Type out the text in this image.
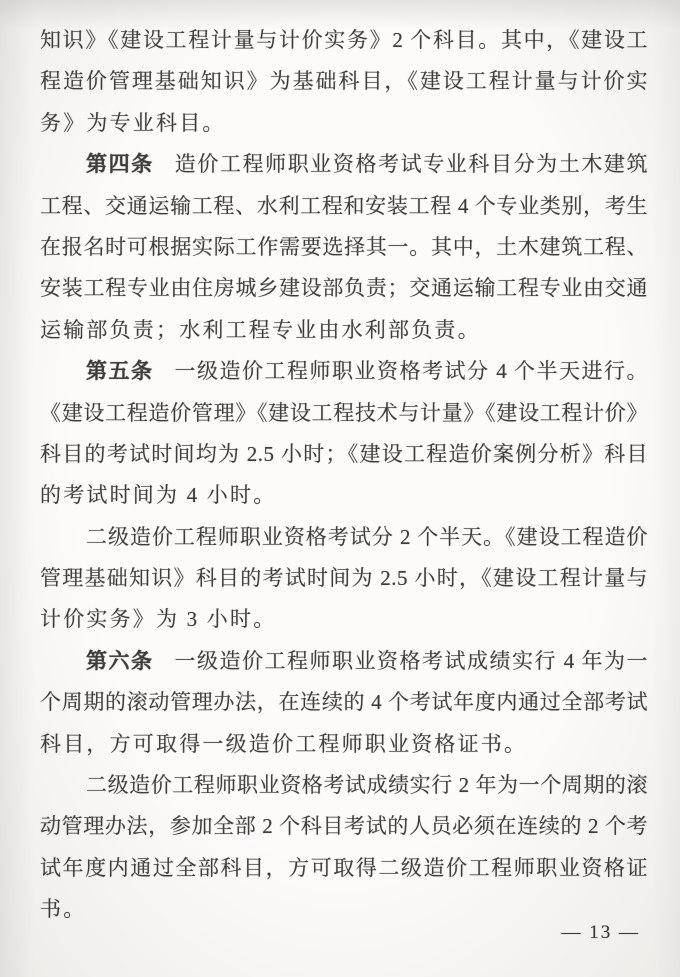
知识》《建设工程计量与计价实务》2 个科目。其中，《建设工
程造价管理基础知识》为基础科目，《建设工程计量与计价实
务》为专业科目。
第四条 造价工程师职业资格考试专业科目分为土木建筑
工程、交通运输工程、水利工程和安装工程 4 个专业类别，考生
在报名时可根据实际工作需要选择其一。其中，土木建筑工程、
安装工程专业由住房城乡建设部负责；交通运输工程专业由交通
运输部负责；水利工程专业由水利部负责。
第五条 一级造价工程师职业资格考试分 4 个半天进行。
《建设工程造价管理》《建设工程技术与计量》《建设工程计价》
科目的考试时间均为 2.5 小时；《建设工程造价案例分析》科目
的考试时间为 4 小时。
二级造价工程师职业资格考试分 2 个半天。《建设工程造价
管理基础知识》科目的考试时间为 2.5 小时，《建设工程计量与
计价实务》为 3 小时。
第六条 一级造价工程师职业资格考试成绩实行 4 年为一
个周期的滚动管理办法，在连续的 4 个考试年度内通过全部考试
科目，方可取得一级造价工程师职业资格证书。
二级造价工程师职业资格考试成绩实行 2 年为一个周期的滚
动管理办法，参加全部 2 个科目考试的人员必须在连续的 2 个考
试年度内通过全部科目，方可取得二级造价工程师职业资格证
书。
— 13 —
